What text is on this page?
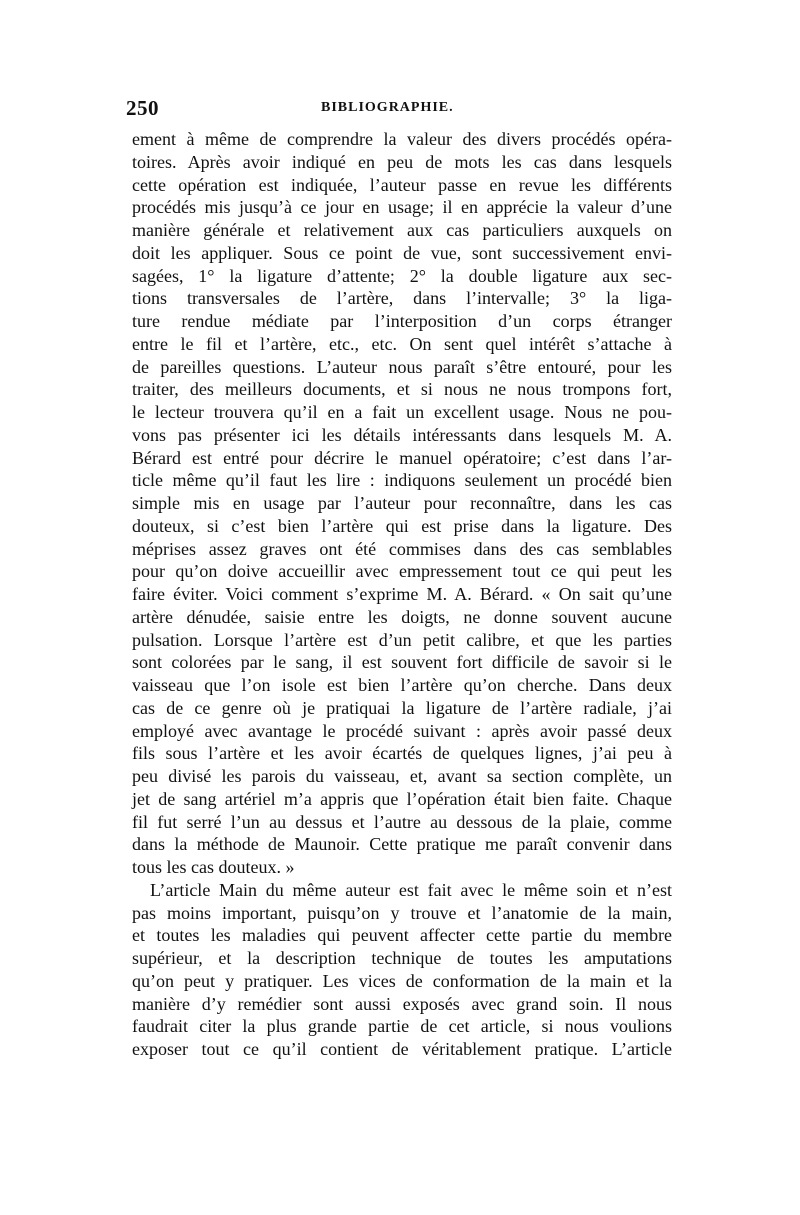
250	BIBLIOGRAPHIE.
ement à même de comprendre la valeur des divers procédés opéra-
toires. Après avoir indiqué en peu de mots les cas dans lesquels
cette opération est indiquée, l’auteur passe en revue les différents
procédés mis jusqu’à ce jour en usage; il en apprécie la valeur d’une
manière générale et relativement aux cas particuliers auxquels on
doit les appliquer. Sous ce point de vue, sont successivement envi-
sagées, 1° la ligature d’attente; 2° la double ligature aux sec-
tions transversales de l’artère, dans l’intervalle; 3° la liga-
ture rendue médiate par l’interposition d’un corps étranger
entre le fil et l’artère, etc., etc. On sent quel intérêt s’attache à
de pareilles questions. L’auteur nous paraît s’être entouré, pour les
traiter, des meilleurs documents, et si nous ne nous trompons fort,
le lecteur trouvera qu’il en a fait un excellent usage. Nous ne pou-
vons pas présenter ici les détails intéressants dans lesquels M. A.
Bérard est entré pour décrire le manuel opératoire; c’est dans l’ar-
ticle même qu’il faut les lire : indiquons seulement un procédé bien
simple mis en usage par l’auteur pour reconnaître, dans les cas
douteux, si c’est bien l’artère qui est prise dans la ligature. Des
méprises assez graves ont été commises dans des cas semblables
pour qu’on doive accueillir avec empressement tout ce qui peut les
faire éviter. Voici comment s’exprime M. A. Bérard. « On sait qu’une
artère dénudée, saisie entre les doigts, ne donne souvent aucune
pulsation. Lorsque l’artère est d’un petit calibre, et que les parties
sont colorées par le sang, il est souvent fort difficile de savoir si le
vaisseau que l’on isole est bien l’artère qu’on cherche. Dans deux
cas de ce genre où je pratiquai la ligature de l’artère radiale, j’ai
employé avec avantage le procédé suivant : après avoir passé deux
fils sous l’artère et les avoir écartés de quelques lignes, j’ai peu à
peu divisé les parois du vaisseau, et, avant sa section complète, un
jet de sang artériel m’a appris que l’opération était bien faite. Chaque
fil fut serré l’un au dessus et l’autre au dessous de la plaie, comme
dans la méthode de Maunoir. Cette pratique me paraît convenir dans
tous les cas douteux. »
L’article Main du même auteur est fait avec le même soin et n’est
pas moins important, puisqu’on y trouve et l’anatomie de la main,
et toutes les maladies qui peuvent affecter cette partie du membre
supérieur, et la description technique de toutes les amputations
qu’on peut y pratiquer. Les vices de conformation de la main et la
manière d’y remédier sont aussi exposés avec grand soin. Il nous
faudrait citer la plus grande partie de cet article, si nous voulions
exposer tout ce qu’il contient de véritablement pratique. L’article
